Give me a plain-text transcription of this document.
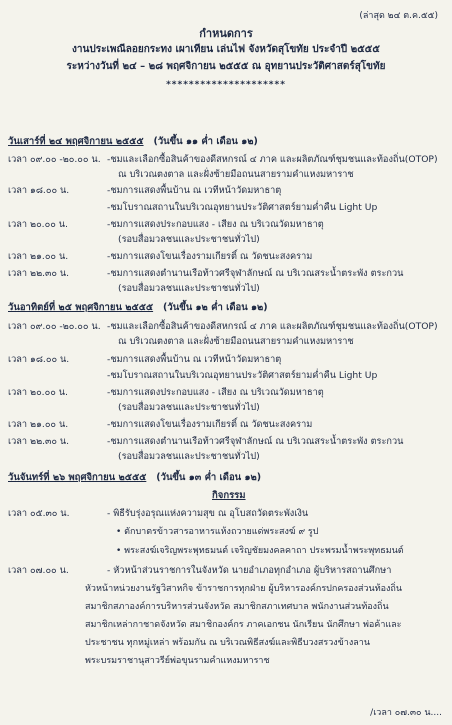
(ล่าสุด ๒๔ ต.ค.๕๕)
กำหนดการ
งานประเพณีลอยกระทง เผาเทียน เล่นไฟ จังหวัดสุโขทัย ประจำปี ๒๕๕๕
ระหว่างวันที่ ๒๔ – ๒๘ พฤศจิกายน ๒๕๕๕ ณ อุทยานประวัติศาสตร์สุโขทัย
*********************
วันเสาร์ที่ ๒๔ พฤศจิกายน ๒๕๕๕ (วันขึ้น ๑๑ ค่ำ เดือน ๑๒)
เวลา ๐๙.๐๐ -๒๐.๐๐ น. -ชมและเลือกซื้อสินค้าของดีสหกรณ์ ๔ ภาค และผลิตภัณฑ์ชุมชนและท้องถิ่น(OTOP)
ณ บริเวณตงตาล และฝั่งซ้ายมือถนนสายรามคำแหงมหาราช
เวลา ๑๘.๐๐ น.	-ชมการแสดงพื้นบ้าน ณ เวทีหน้าวัดมหาธาตุ
-ชมโบราณสถานในบริเวณอุทยานประวัติศาสตร์ยามค่ำคืน Light Up
เวลา ๒๐.๐๐ น.	-ชมการแสดงประกอบแสง - เสียง ณ บริเวณวัดมหาธาตุ
(รอบสื่อมวลชนและประชาชนทั่วไป)
เวลา ๒๑.๐๐ น.	-ชมการแสดงโขนเรื่องรามเกียรติ์ ณ วัดชนะสงคราม
เวลา ๒๒.๓๐ น.	-ชมการแสดงตำนานเรือท้าวศรีจุฬาลักษณ์ ณ บริเวณสระน้ำตระพัง ตระกวน
(รอบสื่อมวลชนและประชาชนทั่วไป)
วันอาทิตย์ที่ ๒๕ พฤศจิกายน ๒๕๕๕ (วันขึ้น ๑๒ ค่ำ เดือน ๑๒)
เวลา ๐๙.๐๐ -๒๐.๐๐ น. -ชมและเลือกซื้อสินค้าของดีสหกรณ์ ๔ ภาค และผลิตภัณฑ์ชุมชนและท้องถิ่น(OTOP)
ณ บริเวณตงตาล และฝั่งซ้ายมือถนนสายรามคำแหงมหาราช
เวลา ๑๘.๐๐ น.	-ชมการแสดงพื้นบ้าน ณ เวทีหน้าวัดมหาธาตุ
-ชมโบราณสถานในบริเวณอุทยานประวัติศาสตร์ยามค่ำคืน Light Up
เวลา ๒๐.๐๐ น.	-ชมการแสดงประกอบแสง - เสียง ณ บริเวณวัดมหาธาตุ
(รอบสื่อมวลชนและประชาชนทั่วไป)
เวลา ๒๑.๐๐ น.	-ชมการแสดงโขนเรื่องรามเกียรติ์ ณ วัดชนะสงคราม
เวลา ๒๒.๓๐ น.	-ชมการแสดงตำนานเรือท้าวศรีจุฬาลักษณ์ ณ บริเวณสระน้ำตระพัง ตระกวน
(รอบสื่อมวลชนและประชาชนทั่วไป)
วันจันทร์ที่ ๒๖ พฤศจิกายน ๒๕๕๕ (วันขึ้น ๑๓ ค่ำ เดือน ๑๒)
กิจกรรม
เวลา ๐๕.๓๐ น.	- พิธีรับรุ่งอรุณแห่งความสุข ณ อุโบสถวัดตระพังเงิน
• ตักบาตรข้าวสารอาหารแห้งถวายแด่พระสงฆ์ ๙ รูป
• พระสงฆ์เจริญพระพุทธมนต์ เจริญชัยมงคลคาถา ประพรมน้ำพระพุทธมนต์
เวลา ๐๗.๐๐ น.	- หัวหน้าส่วนราชการในจังหวัด นายอำเภอทุกอำเภอ ผู้บริหารสถานศึกษา
หัวหน้าหน่วยงานรัฐวิสาหกิจ ข้าราชการทุกฝ่าย ผู้บริหารองค์กรปกครองส่วนท้องถิ่น
สมาชิกสภาองค์การบริหารส่วนจังหวัด สมาชิกสภาเทศบาล พนักงานส่วนท้องถิ่น
สมาชิกเหล่ากาชาดจังหวัด สมาชิกองค์กร ภาคเอกชน นักเรียน นักศึกษา พ่อค้าและ
ประชาชน ทุกหมู่เหล่า พร้อมกัน ณ บริเวณพิธีสงฆ์และพิธีบวงสรวงข้างลาน
พระบรมราชานุสาวรีย์พ่อขุนรามคำแหงมหาราช
/เวลา ๐๗.๓๐ น....
